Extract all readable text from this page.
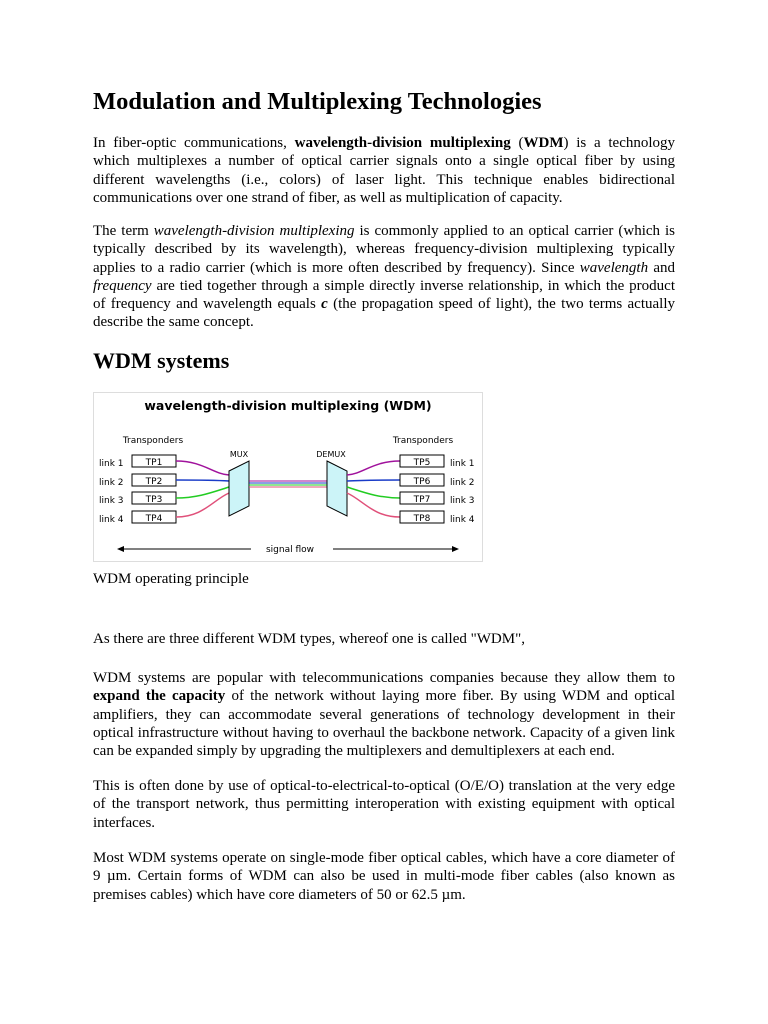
Modulation and Multiplexing Technologies

In fiber-optic communications, wavelength-division multiplexing (WDM) is a technology which multiplexes a number of optical carrier signals onto a single optical fiber by using different wavelengths (i.e., colors) of laser light. This technique enables bidirectional communications over one strand of fiber, as well as multiplication of capacity.

The term wavelength-division multiplexing is commonly applied to an optical carrier (which is typically described by its wavelength), whereas frequency-division multiplexing typically applies to a radio carrier (which is more often described by frequency). Since wavelength and frequency are tied together through a simple directly inverse relationship, in which the product of frequency and wavelength equals c (the propagation speed of light), the two terms actually describe the same concept.

WDM systems
wavelength-division multiplexing (WDM)
Transponders	Transponders
MUX	DEMUX
link 1
link 2
link 3
link 4
TP1
TP2
TP3
TP4
TP5
TP6
TP7
TP8
link 1
link 2
link 3
link 4
signal flow
WDM operating principle
As there are three different WDM types, whereof one is called "WDM",

WDM systems are popular with telecommunications companies because they allow them to expand the capacity of the network without laying more fiber. By using WDM and optical amplifiers, they can accommodate several generations of technology development in their optical infrastructure without having to overhaul the backbone network. Capacity of a given link can be expanded simply by upgrading the multiplexers and demultiplexers at each end.

This is often done by use of optical-to-electrical-to-optical (O/E/O) translation at the very edge of the transport network, thus permitting interoperation with existing equipment with optical interfaces.

Most WDM systems operate on single-mode fiber optical cables, which have a core diameter of 9 µm. Certain forms of WDM can also be used in multi-mode fiber cables (also known as premises cables) which have core diameters of 50 or 62.5 µm.
